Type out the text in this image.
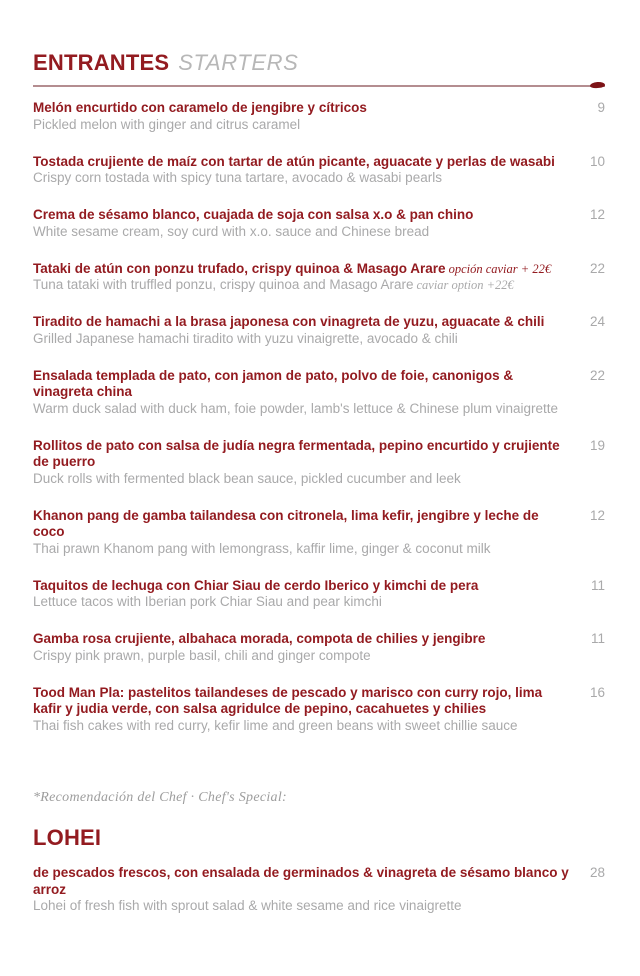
ENTRANTES STARTERS
Melón encurtido con caramelo de jengibre y cítricos
Pickled melon with ginger and citrus caramel
9
Tostada crujiente de maíz con tartar de atún picante, aguacate y perlas de wasabi
Crispy corn tostada with spicy tuna tartare, avocado & wasabi pearls
10
Crema de sésamo blanco, cuajada de soja con salsa x.o & pan chino
White sesame cream, soy curd with x.o. sauce and Chinese bread
12
Tataki de atún con ponzu trufado, crispy quinoa & Masago Arare opción caviar + 22€
Tuna tataki with truffled ponzu, crispy quinoa and Masago Arare caviar option +22€
22
Tiradito de hamachi a la brasa japonesa con vinagreta de yuzu, aguacate & chili
Grilled Japanese hamachi tiradito with yuzu vinaigrette, avocado & chili
24
Ensalada templada de pato, con jamon de pato, polvo de foie, canonigos & vinagreta china
Warm duck salad with duck ham, foie powder, lamb's lettuce & Chinese plum vinaigrette
22
Rollitos de pato con salsa de judía negra fermentada, pepino encurtido y crujiente de puerro
Duck rolls with fermented black bean sauce, pickled cucumber and leek
19
Khanon pang de gamba tailandesa con citronela, lima kefir, jengibre y leche de coco
Thai prawn Khanom pang with lemongrass, kaffir lime, ginger & coconut milk
12
Taquitos de lechuga con Chiar Siau de cerdo Iberico y kimchi de pera
Lettuce tacos with Iberian pork Chiar Siau and pear kimchi
11
Gamba rosa crujiente, albahaca morada, compota de chilies y jengibre
Crispy pink prawn, purple basil, chili and ginger compote
11
Tood Man Pla: pastelitos tailandeses de pescado y marisco con curry rojo, lima kafir y judia verde, con salsa agridulce de pepino, cacahuetes y chilies
Thai fish cakes with red curry, kefir lime and green beans with sweet chillie sauce
16
*Recomendación del Chef · Chef's Special:
LOHEI
de pescados frescos, con ensalada de germinados & vinagreta de sésamo blanco y arroz
Lohei of fresh fish with sprout salad & white sesame and rice vinaigrette
28
